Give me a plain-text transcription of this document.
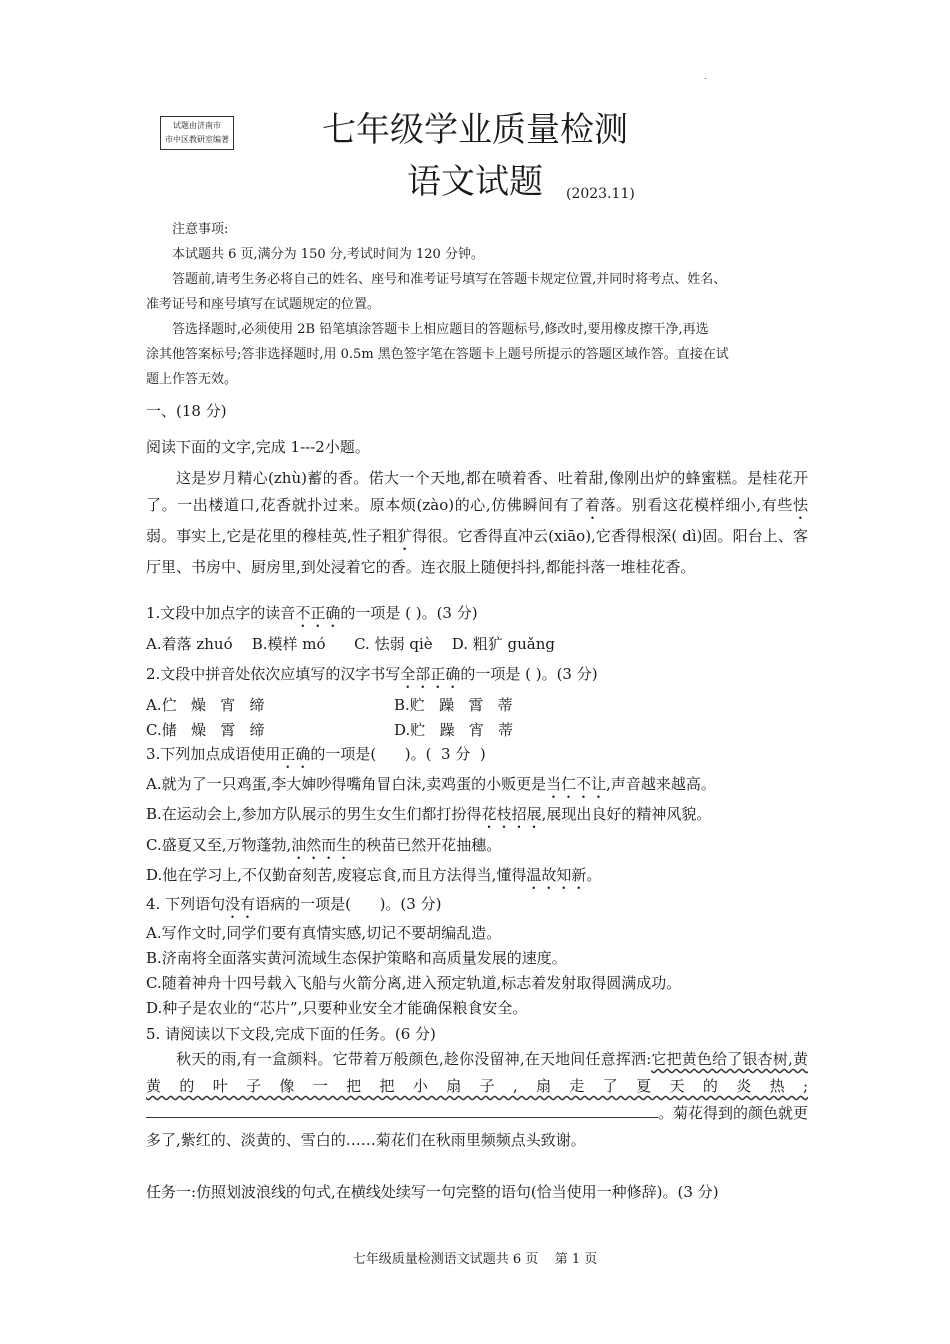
.
试题由济南市
市中区教研室编著	七年级学业质量检测
语文试题	(2023.11)
注意事项:
本试题共 6 页,满分为 150 分,考试时间为 120 分钟。
答题前,请考生务必将自己的姓名、座号和准考证号填写在答题卡规定位置,并同时将考点、姓名、
准考证号和座号填写在试题规定的位置。
答选择题时,必须使用 2B 铅笔填涂答题卡上相应题目的答题标号,修改时,要用橡皮擦干净,再选
涂其他答案标号;答非选择题时,用 0.5m 黑色签字笔在答题卡上题号所提示的答题区域作答。直接在试
题上作答无效。
一、(18 分)
阅读下面的文字,完成 1---2小题。
这是岁月精心(zhù)蓄的香。偌大一个天地,都在喷着香、吐着甜,像刚出炉的蜂蜜糕。是桂花开了。一出楼道口,花香就扑过来。原本烦(zào)的心,仿佛瞬间有了着落。别看这花模样细小,有些怯弱。事实上,它是花里的穆桂英,性子粗犷得很。它香得直冲云(xiāo),它香得根深( dì)固。阳台上、客厅里、书房中、厨房里,到处浸着它的香。连衣服上随便抖抖,都能抖落一堆桂花香。
1.文段中加点字的读音不正确的一项是 ( )。(3 分)
A.着落 zhuó    B.模样 mó      C. 怯弱 qiè    D. 粗犷 guǎng
2.文段中拼音处依次应填写的汉字书写全部正确的一项是 ( )。(3 分)
A.伫   燥   宵   缔	B.贮   躁   霄   蒂
C.储   燥   霄   缔	D.贮   躁   宵   蒂
3.下列加点成语使用正确的一项是(      )。(  3 分  )
A.就为了一只鸡蛋,李大婶吵得嘴角冒白沫,卖鸡蛋的小贩更是当仁不让,声音越来越高。
B.在运动会上,参加方队展示的男生女生们都打扮得花枝招展,展现出良好的精神风貌。
C.盛夏又至,万物蓬勃,油然而生的秧苗已然开花抽穗。
D.他在学习上,不仅勤奋刻苦,废寝忘食,而且方法得当,懂得温故知新。
4. 下列语句没有语病的一项是(      )。(3 分)
A.写作文时,同学们要有真情实感,切记不要胡编乱造。
B.济南将全面落实黄河流域生态保护策略和高质量发展的速度。
C.随着神舟十四号载入飞船与火箭分离,进入预定轨道,标志着发射取得圆满成功。
D.种子是农业的“芯片”,只要种业安全才能确保粮食安全。
5. 请阅读以下文段,完成下面的任务。(6 分)
秋天的雨,有一盒颜料。它带着万般颜色,趁你没留神,在天地间任意挥洒:它把黄色给了银杏树,黄黄的叶子像一把把小扇子,扇走了夏天的炎热;。菊花得到的颜色就更多了,紫红的、淡黄的、雪白的……菊花们在秋雨里频频点头致谢。
任务一:仿照划波浪线的句式,在横线处续写一句完整的语句(恰当使用一种修辞)。(3 分)
七年级质量检测语文试题共 6 页    第 1 页
